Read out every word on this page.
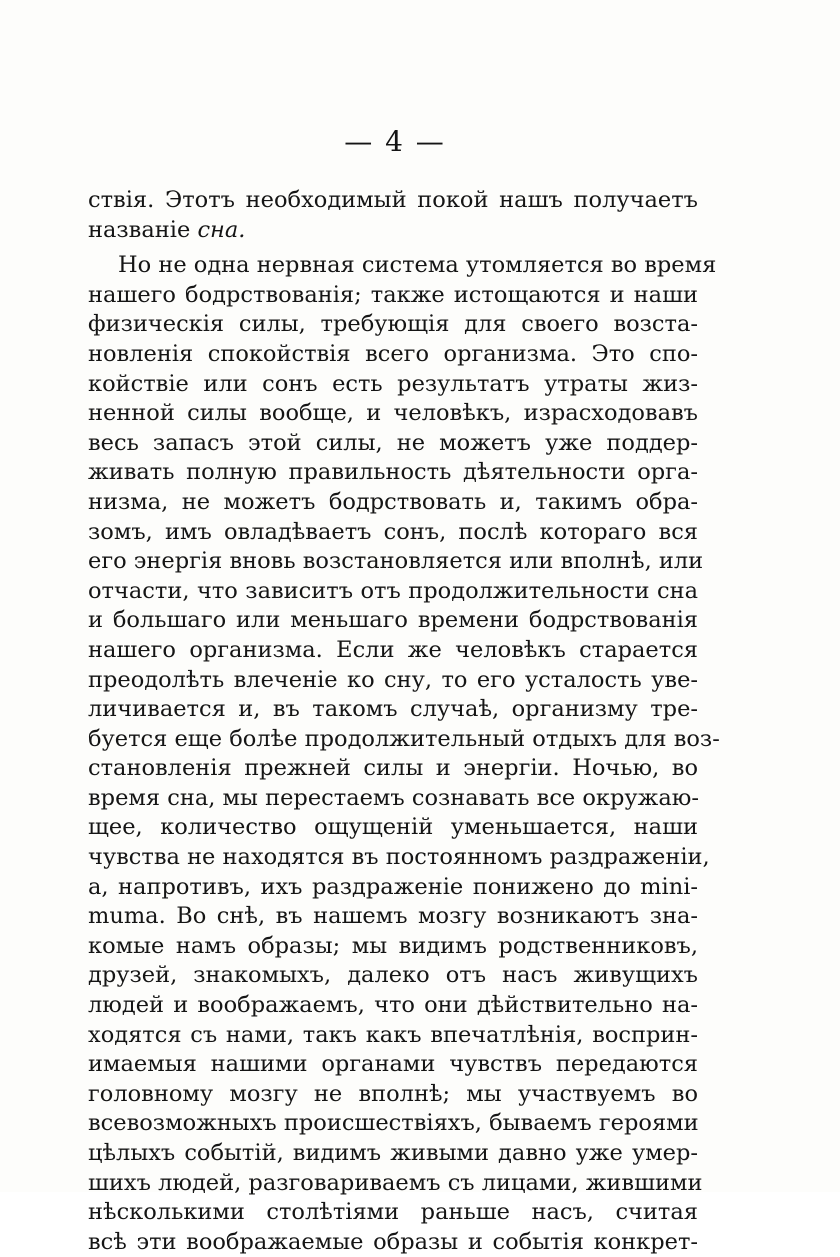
— 4 —
ствія. Этотъ необходимый покой нашъ получаетъ
названіе сна.
Но не одна нервная система утомляется во время
нашего бодрствованія; также истощаются и наши
физическія силы, требующія для своего возста-
новленія спокойствія всего организма. Это спо-
койствіе или сонъ есть результатъ утраты жиз-
ненной силы вообще, и человѣкъ, израсходовавъ
весь запасъ этой силы, не можетъ уже поддер-
живать полную правильность дѣятельности орга-
низма, не можетъ бодрствовать и, такимъ обра-
зомъ, имъ овладѣваетъ сонъ, послѣ котораго вся
его энергія вновь возстановляется или вполнѣ, или
отчасти, что зависитъ отъ продолжительности сна
и большаго или меньшаго времени бодрствованія
нашего организма. Если же человѣкъ старается
преодолѣть влеченіе ко сну, то его усталость уве-
личивается и, въ такомъ случаѣ, организму тре-
буется еще болѣе продолжительный отдыхъ для воз-
становленія прежней силы и энергіи. Ночью, во
время сна, мы перестаемъ сознавать все окружаю-
щее, количество ощущеній уменьшается, наши
чувства не находятся въ постоянномъ раздраженіи,
а, напротивъ, ихъ раздраженіе понижено до mini-
muma. Во снѣ, въ нашемъ мозгу возникаютъ зна-
комые намъ образы; мы видимъ родственниковъ,
друзей, знакомыхъ, далеко отъ насъ живущихъ
людей и воображаемъ, что они дѣйствительно на-
ходятся съ нами, такъ какъ впечатлѣнія, восприн-
имаемыя нашими органами чувствъ передаются
головному мозгу не вполнѣ; мы участвуемъ во
всевозможныхъ происшествіяхъ, бываемъ героями
цѣлыхъ событій, видимъ живыми давно уже умер-
шихъ людей, разговариваемъ съ лицами, жившими
нѣсколькими столѣтіями раньше насъ, считая
всѣ эти воображаемые образы и событія конкрет-
